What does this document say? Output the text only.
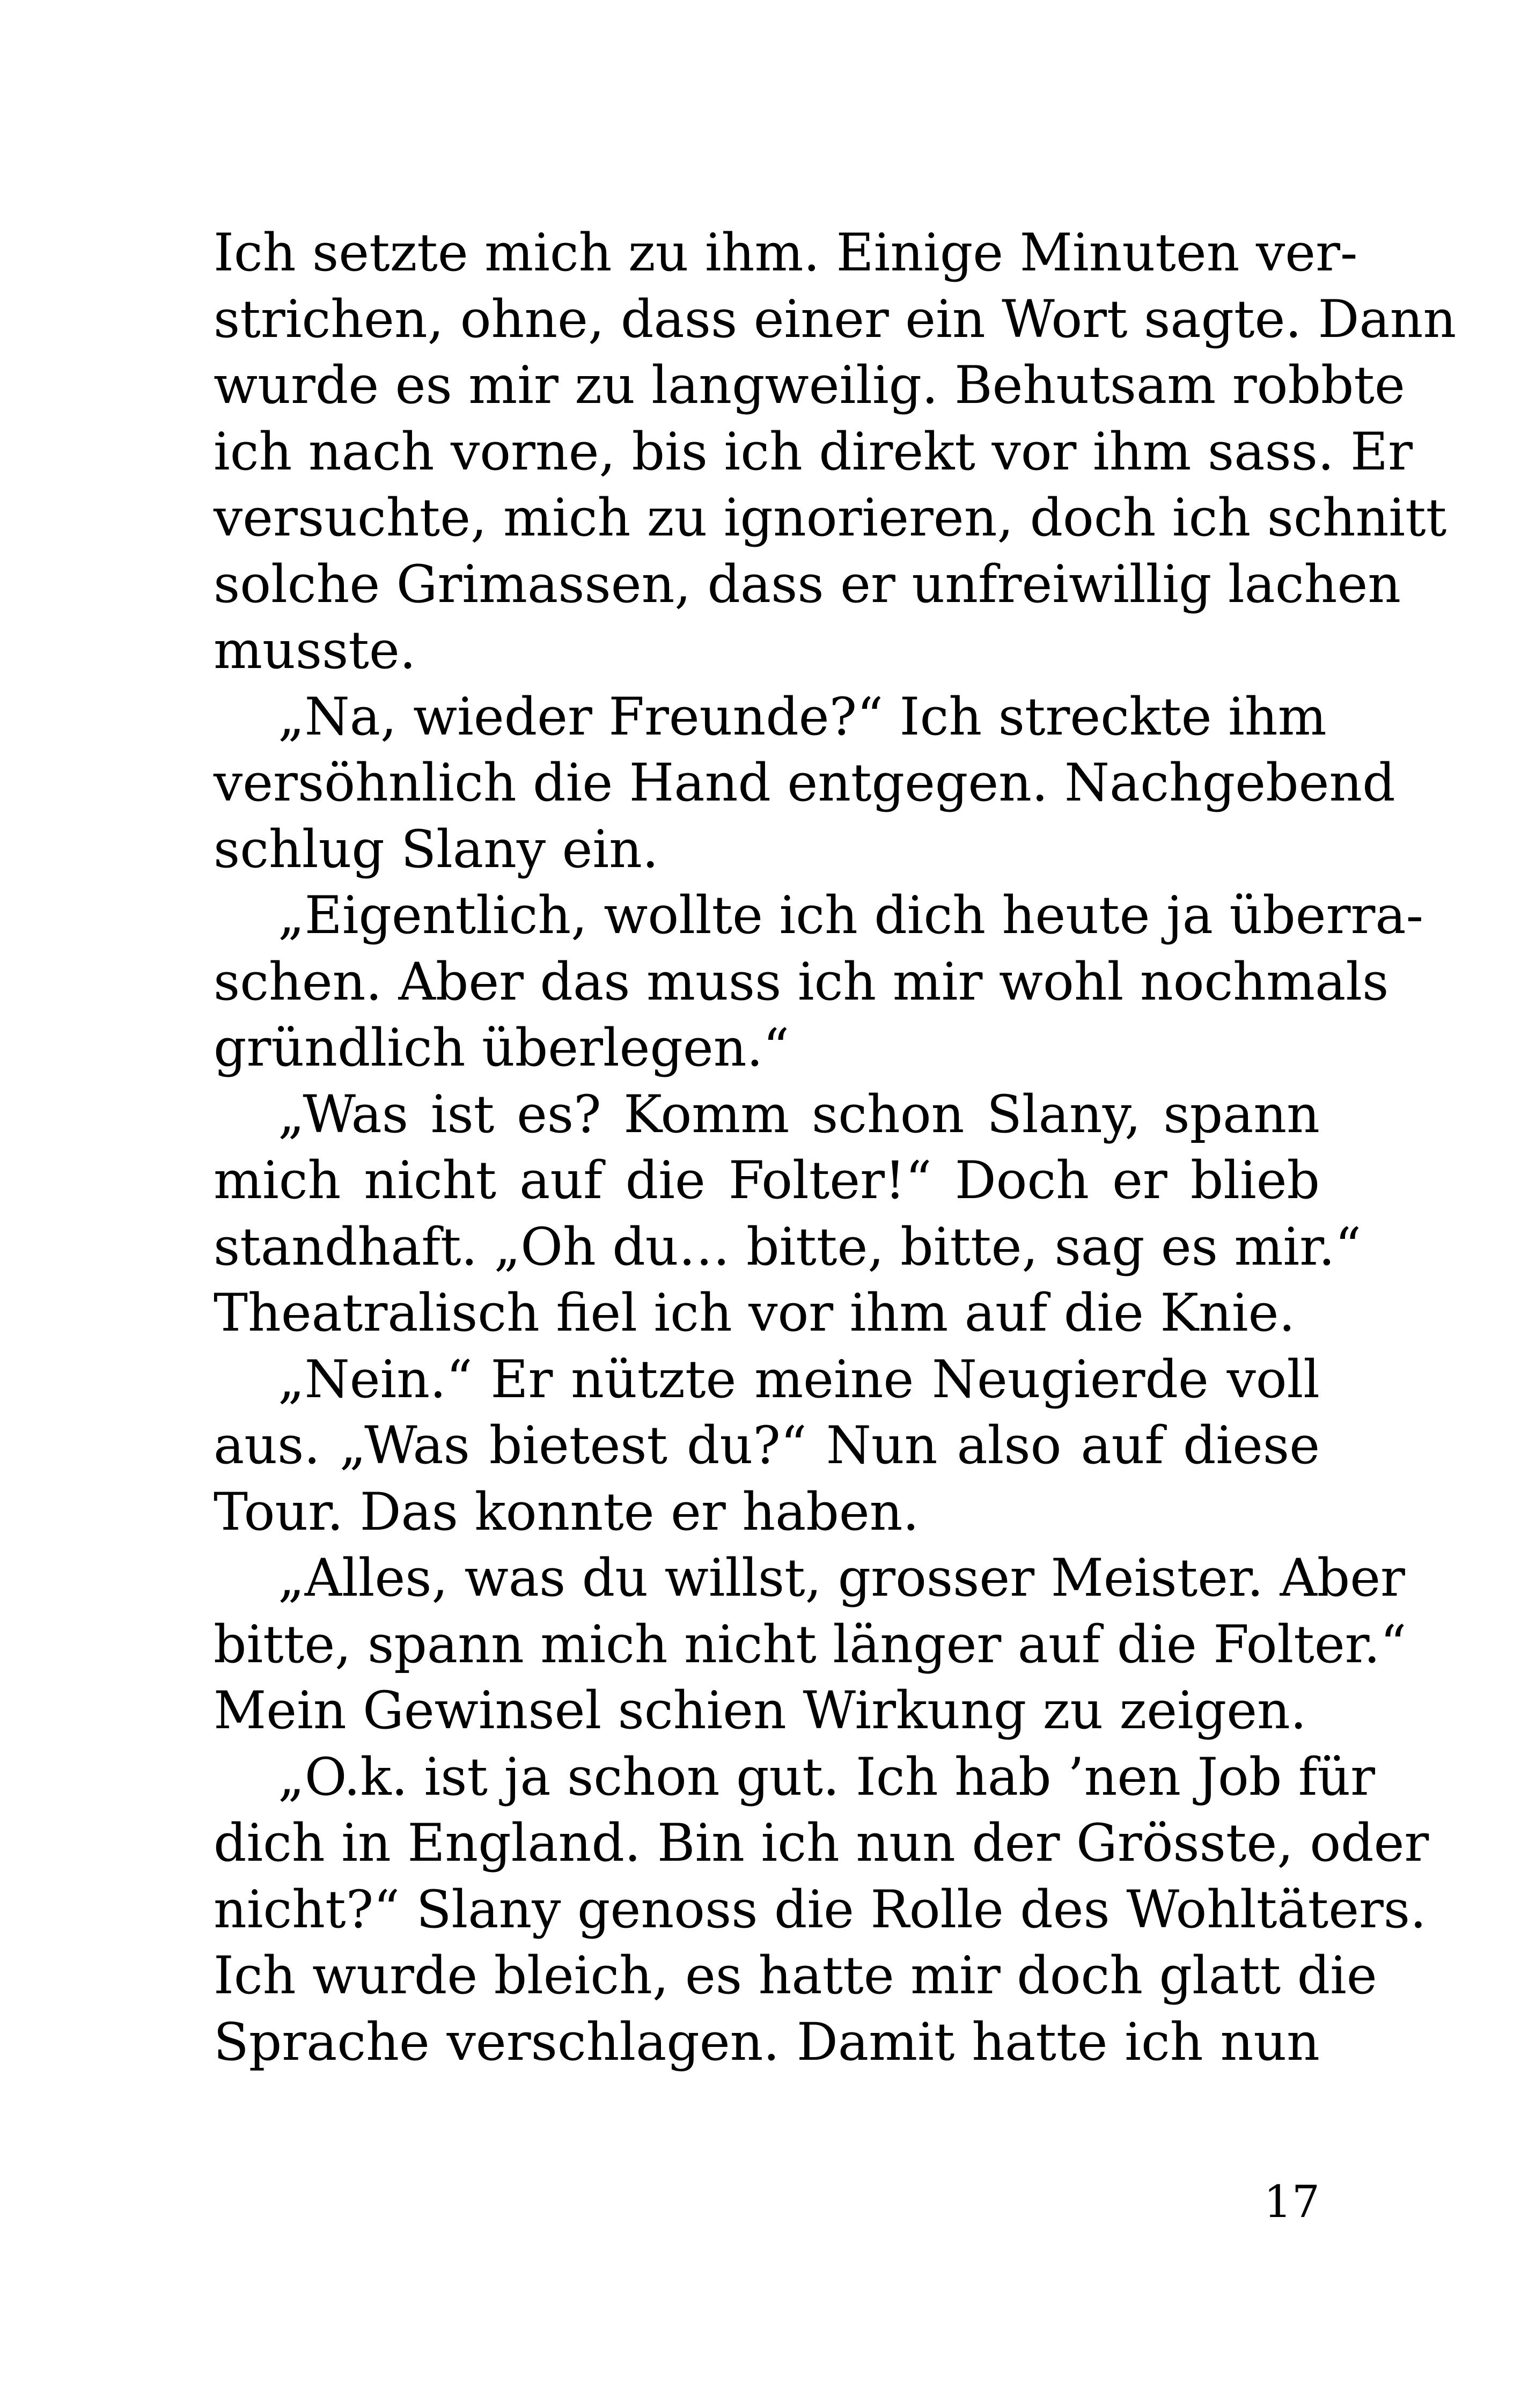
Ich setzte mich zu ihm. Einige Minuten ver-
strichen, ohne, dass einer ein Wort sagte. Dann
wurde es mir zu langweilig. Behutsam robbte
ich nach vorne, bis ich direkt vor ihm sass. Er
versuchte, mich zu ignorieren, doch ich schnitt
solche Grimassen, dass er unfreiwillig lachen
musste.
„Na, wieder Freunde?“ Ich streckte ihm
versöhnlich die Hand entgegen. Nachgebend
schlug Slany ein.
„Eigentlich, wollte ich dich heute ja überra-
schen. Aber das muss ich mir wohl nochmals
gründlich überlegen.“
„Was ist es? Komm schon Slany, spann
mich nicht auf die Folter!“ Doch er blieb
standhaft. „Oh du… bitte, bitte, sag es mir.“
Theatralisch fiel ich vor ihm auf die Knie.
„Nein.“ Er nützte meine Neugierde voll
aus. „Was bietest du?“ Nun also auf diese
Tour. Das konnte er haben.
„Alles, was du willst, grosser Meister. Aber
bitte, spann mich nicht länger auf die Folter.“
Mein Gewinsel schien Wirkung zu zeigen.
„O.k. ist ja schon gut. Ich hab ’nen Job für
dich in England. Bin ich nun der Grösste, oder
nicht?“ Slany genoss die Rolle des Wohltäters.
Ich wurde bleich, es hatte mir doch glatt die
Sprache verschlagen. Damit hatte ich nun
17
